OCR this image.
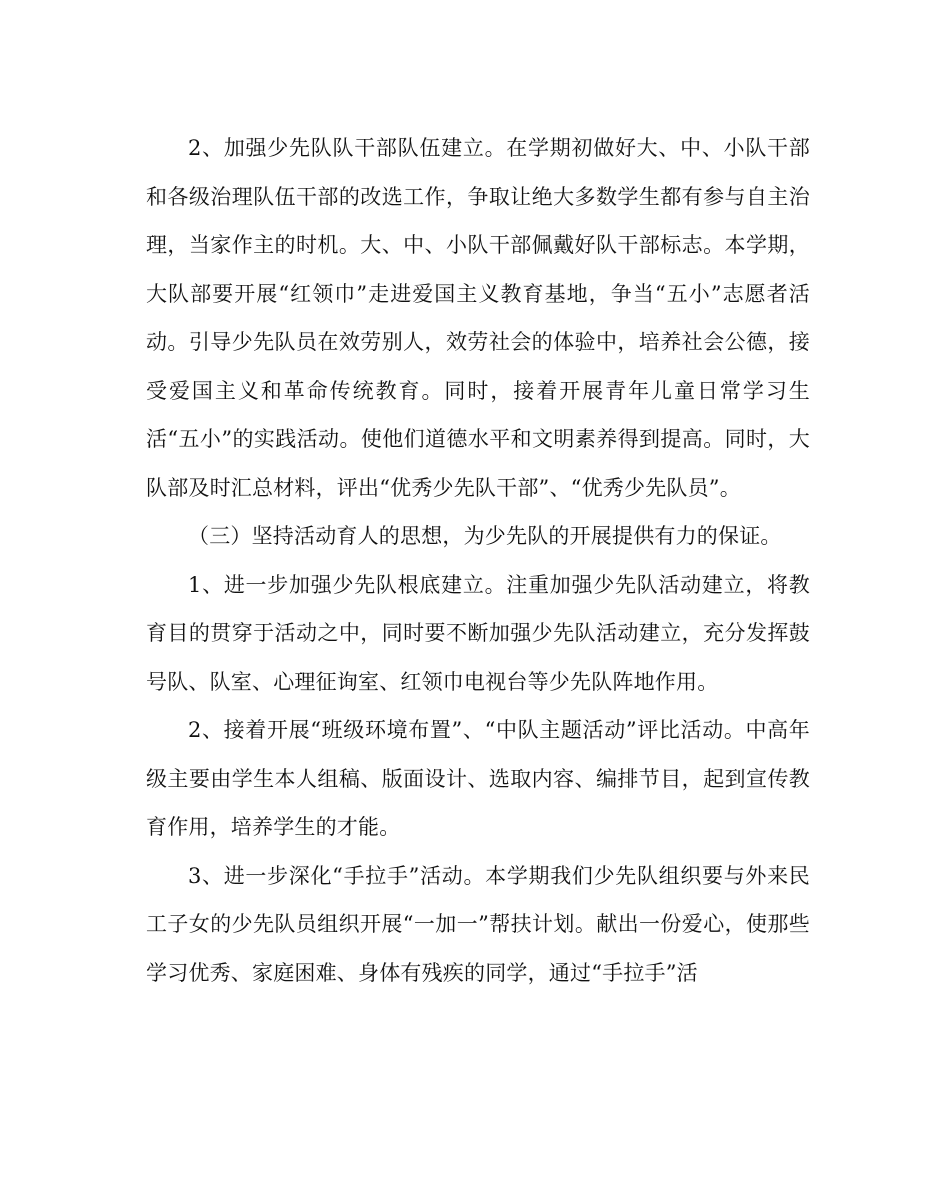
2、加强少先队队干部队伍建立。在学期初做好大、中、小队干部和各级治理队伍干部的改选工作，争取让绝大多数学生都有参与自主治理，当家作主的时机。大、中、小队干部佩戴好队干部标志。本学期，大队部要开展“红领巾”走进爱国主义教育基地，争当“五小”志愿者活动。引导少先队员在效劳别人，效劳社会的体验中，培养社会公德，接受爱国主义和革命传统教育。同时，接着开展青年儿童日常学习生活“五小”的实践活动。使他们道德水平和文明素养得到提高。同时，大队部及时汇总材料，评出“优秀少先队干部”、“优秀少先队员”。

（三）坚持活动育人的思想，为少先队的开展提供有力的保证。

1、进一步加强少先队根底建立。注重加强少先队活动建立，将教育目的贯穿于活动之中，同时要不断加强少先队活动建立，充分发挥鼓号队、队室、心理征询室、红领巾电视台等少先队阵地作用。

2、接着开展“班级环境布置”、“中队主题活动”评比活动。中高年级主要由学生本人组稿、版面设计、选取内容、编排节目，起到宣传教育作用，培养学生的才能。

3、进一步深化“手拉手”活动。本学期我们少先队组织要与外来民工子女的少先队员组织开展“一加一”帮扶计划。献出一份爱心，使那些学习优秀、家庭困难、身体有残疾的同学，通过“手拉手”活
